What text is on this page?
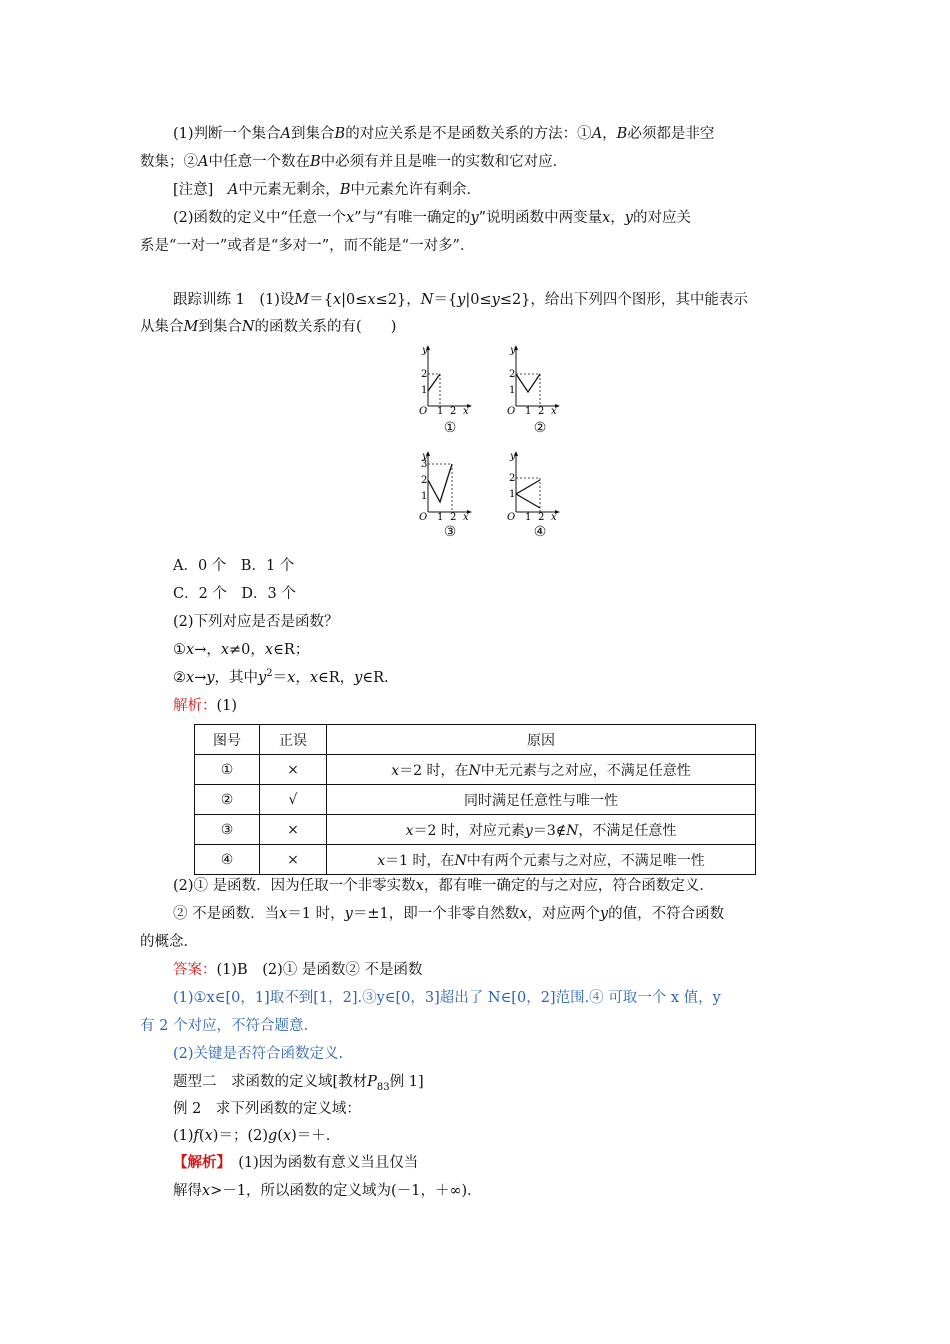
(1)判断一个集合A到集合B的对应关系是不是函数关系的方法：①A，B必须都是非空
数集；②A中任意一个数在B中必须有并且是唯一的实数和它对应．
[注意]　A中元素无剩余，B中元素允许有剩余．
(2)函数的定义中“任意一个x”与“有唯一确定的y”说明函数中两变量x，y的对应关
系是“一对一”或者是“多对一”，而不能是“一对多”．
跟踪训练 1　(1)设M＝{x|0≤x≤2}，N＝{y|0≤y≤2}，给出下列四个图形，其中能表示
从集合M到集合N的函数关系的有(　　)
y
2
1
O 1 2 x
①
y
2
1
O 1 2 x
②
y
3
2
1
O 1 2 x
③
y
2
1
O 1 2 x
④
A．0 个　B．1 个
C．2 个　D．3 个
(2)下列对应是否是函数？
①x→，x≠0，x∈R；
②x→y，其中$y^2=x$，x∈R，y∈R.
解析：(1)
图号	正误	原因
①	×	x＝2 时，在N中无元素与之对应，不满足任意性
②	√	同时满足任意性与唯一性
③	×	x＝2 时，对应元素y＝3∉N，不满足任意性
④	×	x＝1 时，在N中有两个元素与之对应，不满足唯一性
(2)① 是函数．因为任取一个非零实数x，都有唯一确定的与之对应，符合函数定义．
② 不是函数．当x＝1 时，y＝±1，即一个非零自然数x，对应两个y的值，不符合函数
的概念．
答案：(1)B　(2)① 是函数② 不是函数
(1)①x∈[0，1]取不到[1，2].③y∈[0，3]超出了 N∈[0，2]范围.④ 可取一个 x 值，y
有 2 个对应，不符合题意.
(2)关键是否符合函数定义.
题型二　求函数的定义域[教材$P_{83}$例 1]
例 2　求下列函数的定义域：
(1)f(x)＝；(2)g(x)＝＋.
【解析】　(1)因为函数有意义当且仅当
解得x>－1，所以函数的定义域为(－1，＋∞)．
